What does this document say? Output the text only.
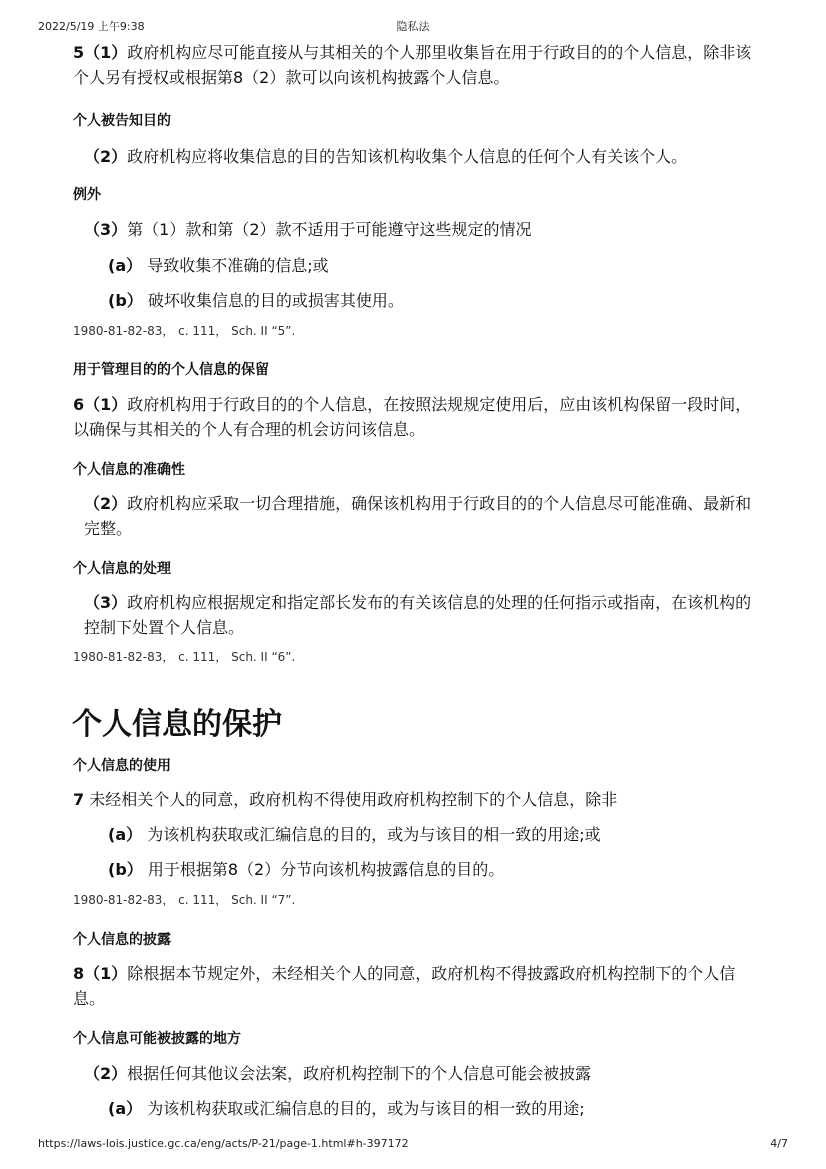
2022/5/19 上午9:38	隐私法
5（1）政府机构应尽可能直接从与其相关的个人那里收集旨在用于行政目的的个人信息，除非该个人另有授权或根据第8（2）款可以向该机构披露个人信息。
个人被告知目的
（2）政府机构应将收集信息的目的告知该机构收集个人信息的任何个人有关该个人。
例外
（3）第（1）款和第（2）款不适用于可能遵守这些规定的情况
(a） 导致收集不准确的信息;或
(b） 破坏收集信息的目的或损害其使用。
1980-81-82-83， c. 111， Sch. II “5”.
用于管理目的的个人信息的保留
6（1）政府机构用于行政目的的个人信息，在按照法规规定使用后，应由该机构保留一段时间，以确保与其相关的个人有合理的机会访问该信息。
个人信息的准确性
（2）政府机构应采取一切合理措施，确保该机构用于行政目的的个人信息尽可能准确、最新和完整。
个人信息的处理
（3）政府机构应根据规定和指定部长发布的有关该信息的处理的任何指示或指南，在该机构的控制下处置个人信息。
1980-81-82-83， c. 111， Sch. II “6”.
个人信息的保护
个人信息的使用
7 未经相关个人的同意，政府机构不得使用政府机构控制下的个人信息，除非
(a） 为该机构获取或汇编信息的目的，或为与该目的相一致的用途;或
(b） 用于根据第8（2）分节向该机构披露信息的目的。
1980-81-82-83， c. 111， Sch. II “7”.
个人信息的披露
8（1）除根据本节规定外，未经相关个人的同意，政府机构不得披露政府机构控制下的个人信息。
个人信息可能被披露的地方
（2）根据任何其他议会法案，政府机构控制下的个人信息可能会被披露
(a） 为该机构获取或汇编信息的目的，或为与该目的相一致的用途;
https://laws-lois.justice.gc.ca/eng/acts/P-21/page-1.html#h-397172	4/7
